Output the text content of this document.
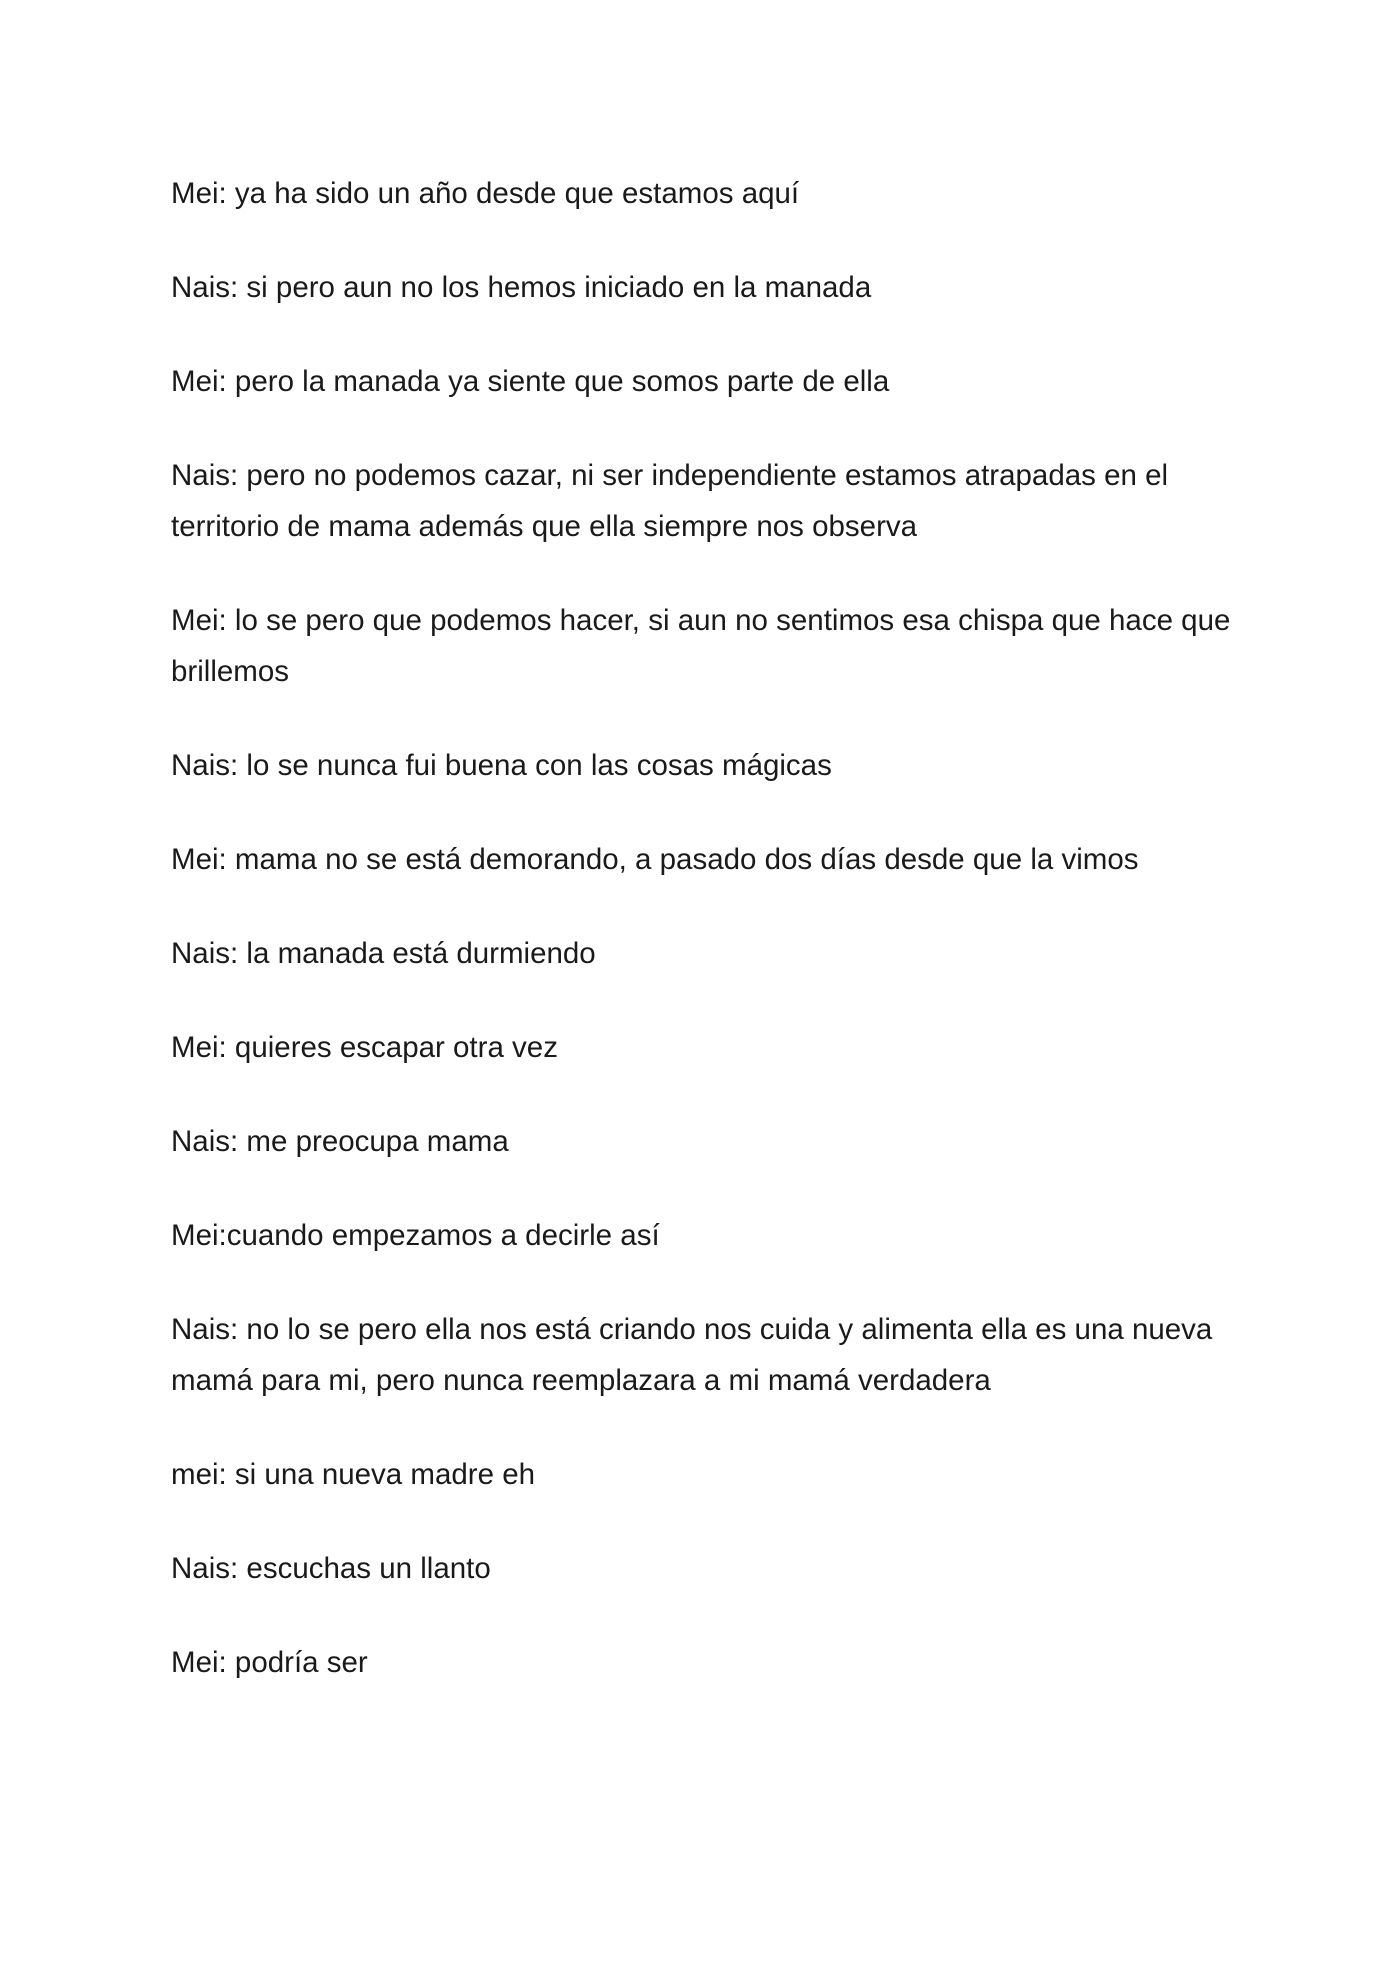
Mei: ya ha sido un año desde que estamos aquí

Nais: si pero aun no los hemos iniciado en la manada

Mei: pero la manada ya siente que somos parte de ella

Nais: pero no podemos cazar, ni ser independiente estamos atrapadas en el territorio de mama además que ella siempre nos observa

Mei: lo se pero que podemos hacer, si aun no sentimos esa chispa que hace que brillemos

Nais: lo se nunca fui buena con las cosas mágicas

Mei: mama no se está demorando, a pasado dos días desde que la vimos

Nais: la manada está durmiendo

Mei: quieres escapar otra vez

Nais: me preocupa mama

Mei:cuando empezamos a decirle así

Nais: no lo se pero ella nos está criando nos cuida y alimenta ella es una nueva mamá para mi, pero nunca reemplazara a mi mamá verdadera

mei: si una nueva madre eh

Nais: escuchas un llanto

Mei: podría ser
